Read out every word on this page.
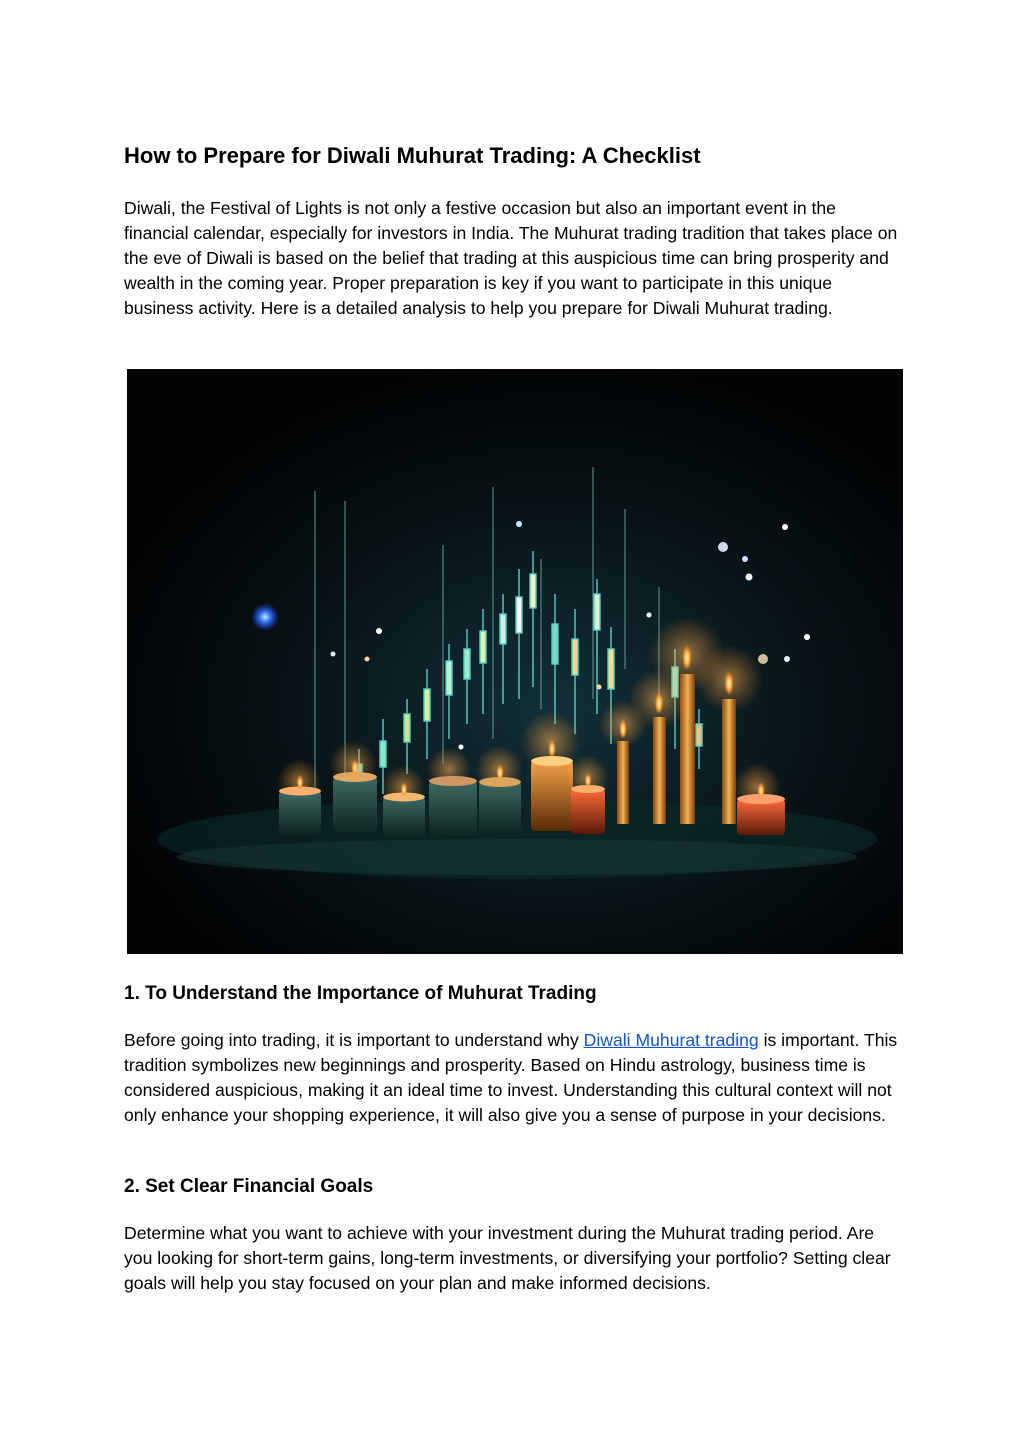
How to Prepare for Diwali Muhurat Trading: A Checklist

Diwali, the Festival of Lights is not only a festive occasion but also an important event in the financial calendar, especially for investors in India. The Muhurat trading tradition that takes place on the eve of Diwali is based on the belief that trading at this auspicious time can bring prosperity and wealth in the coming year. Proper preparation is key if you want to participate in this unique business activity. Here is a detailed analysis to help you prepare for Diwali Muhurat trading.

1. To Understand the Importance of Muhurat Trading

Before going into trading, it is important to understand why Diwali Muhurat trading is important. This tradition symbolizes new beginnings and prosperity. Based on Hindu astrology, business time is considered auspicious, making it an ideal time to invest. Understanding this cultural context will not only enhance your shopping experience, it will also give you a sense of purpose in your decisions.

2. Set Clear Financial Goals

Determine what you want to achieve with your investment during the Muhurat trading period. Are you looking for short-term gains, long-term investments, or diversifying your portfolio? Setting clear goals will help you stay focused on your plan and make informed decisions.
